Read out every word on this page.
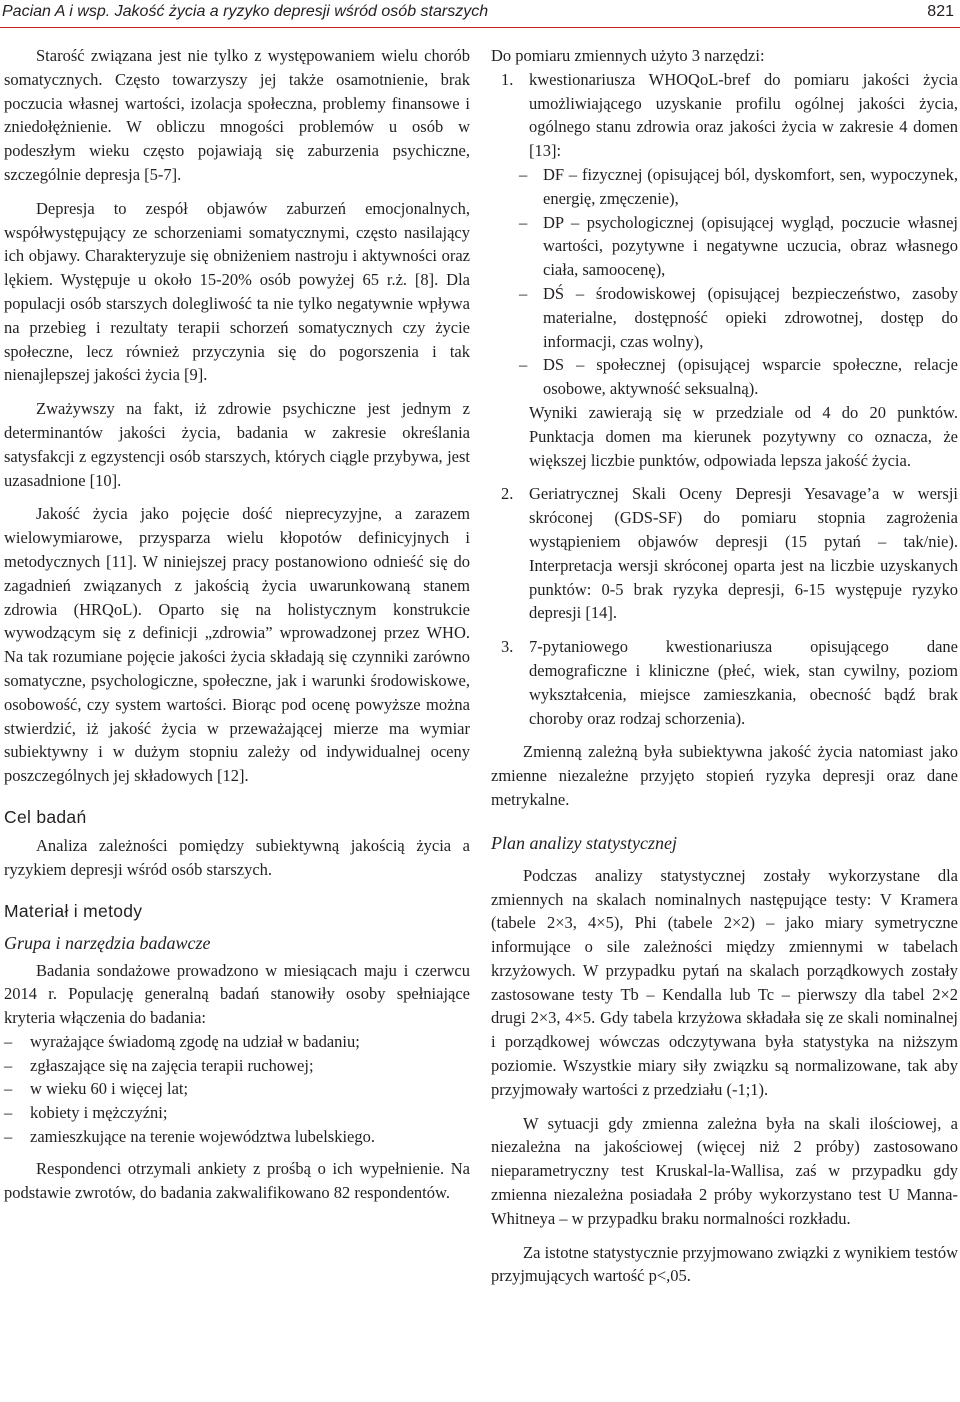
Pacian A i wsp. Jakość życia a ryzyko depresji wśród osób starszych	821

Starość związana jest nie tylko z występowaniem wielu chorób somatycznych. Często towarzyszy jej także osamotnienie, brak poczucia własnej wartości, izolacja społeczna, problemy finansowe i zniedołężnienie. W obliczu mnogości problemów u osób w podeszłym wieku często pojawiają się zaburzenia psychiczne, szczególnie depresja [5-7].

Depresja to zespół objawów zaburzeń emocjonalnych, współwystępujący ze schorzeniami somatycznymi, często nasilający ich objawy. Charakteryzuje się obniżeniem nastroju i aktywności oraz lękiem. Występuje u około 15-20% osób powyżej 65 r.ż. [8]. Dla populacji osób starszych dolegliwość ta nie tylko negatywnie wpływa na przebieg i rezultaty terapii schorzeń somatycznych czy życie społeczne, lecz również przyczynia się do pogorszenia i tak nienajlepszej jakości życia [9].

Zważywszy na fakt, iż zdrowie psychiczne jest jednym z determinantów jakości życia, badania w zakresie określania satysfakcji z egzystencji osób starszych, których ciągle przybywa, jest uzasadnione [10].

Jakość życia jako pojęcie dość nieprecyzyjne, a zarazem wielowymiarowe, przysparza wielu kłopotów definicyjnych i metodycznych [11]. W niniejszej pracy postanowiono odnieść się do zagadnień związanych z jakością życia uwarunkowaną stanem zdrowia (HRQoL). Oparto się na holistycznym konstrukcie wywodzącym się z definicji „zdrowia” wprowadzonej przez WHO. Na tak rozumiane pojęcie jakości życia składają się czynniki zarówno somatyczne, psychologiczne, społeczne, jak i warunki środowiskowe, osobowość, czy system wartości. Biorąc pod ocenę powyższe można stwierdzić, iż jakość życia w przeważającej mierze ma wymiar subiektywny i w dużym stopniu zależy od indywidualnej oceny poszczególnych jej składowych [12].

Cel badań

Analiza zależności pomiędzy subiektywną jakością życia a ryzykiem depresji wśród osób starszych.

Materiał i metody
Grupa i narzędzia badawcze

Badania sondażowe prowadzono w miesiącach maju i czerwcu 2014 r. Populację generalną badań stanowiły osoby spełniające kryteria włączenia do badania:

– wyrażające świadomą zgodę na udział w badaniu;
– zgłaszające się na zajęcia terapii ruchowej;
– w wieku 60 i więcej lat;
– kobiety i mężczyźni;
– zamieszkujące na terenie województwa lubelskiego.

Respondenci otrzymali ankiety z prośbą o ich wypełnienie. Na podstawie zwrotów, do badania zakwalifikowano 82 respondentów.

Do pomiaru zmiennych użyto 3 narzędzi:

1. kwestionariusza WHOQoL-bref do pomiaru jakości życia umożliwiającego uzyskanie profilu ogólnej jakości życia, ogólnego stanu zdrowia oraz jakości życia w zakresie 4 domen [13]:
– DF – fizycznej (opisującej ból, dyskomfort, sen, wypoczynek, energię, zmęczenie),
– DP – psychologicznej (opisującej wygląd, poczucie własnej wartości, pozytywne i negatywne uczucia, obraz własnego ciała, samoocenę),
– DŚ – środowiskowej (opisującej bezpieczeństwo, zasoby materialne, dostępność opieki zdrowotnej, dostęp do informacji, czas wolny),
– DS – społecznej (opisującej wsparcie społeczne, relacje osobowe, aktywność seksualną).
Wyniki zawierają się w przedziale od 4 do 20 punktów. Punktacja domen ma kierunek pozytywny co oznacza, że większej liczbie punktów, odpowiada lepsza jakość życia.
2. Geriatrycznej Skali Oceny Depresji Yesavage’a w wersji skróconej (GDS-SF) do pomiaru stopnia zagrożenia wystąpieniem objawów depresji (15 pytań – tak/nie). Interpretacja wersji skróconej oparta jest na liczbie uzyskanych punktów: 0-5 brak ryzyka depresji, 6-15 występuje ryzyko depresji [14].
3. 7-pytaniowego kwestionariusza opisującego dane demograficzne i kliniczne (płeć, wiek, stan cywilny, poziom wykształcenia, miejsce zamieszkania, obecność bądź brak choroby oraz rodzaj schorzenia).

Zmienną zależną była subiektywna jakość życia natomiast jako zmienne niezależne przyjęto stopień ryzyka depresji oraz dane metrykalne.

Plan analizy statystycznej

Podczas analizy statystycznej zostały wykorzystane dla zmiennych na skalach nominalnych następujące testy: V Kramera (tabele 2×3, 4×5), Phi (tabele 2×2) – jako miary symetryczne informujące o sile zależności między zmiennymi w tabelach krzyżowych. W przypadku pytań na skalach porządkowych zostały zastosowane testy Tb – Kendalla lub Tc – pierwszy dla tabel 2×2 drugi 2×3, 4×5. Gdy tabela krzyżowa składała się ze skali nominalnej i porządkowej wówczas odczytywana była statystyka na niższym poziomie. Wszystkie miary siły związku są normalizowane, tak aby przyjmowały wartości z przedziału (-1;1).

W sytuacji gdy zmienna zależna była na skali ilościowej, a niezależna na jakościowej (więcej niż 2 próby) zastosowano nieparametryczny test Kruskal-la-Wallisa, zaś w przypadku gdy zmienna niezależna posiadała 2 próby wykorzystano test U Manna-Whitneya – w przypadku braku normalności rozkładu.

Za istotne statystycznie przyjmowano związki z wynikiem testów przyjmujących wartość p<,05.
